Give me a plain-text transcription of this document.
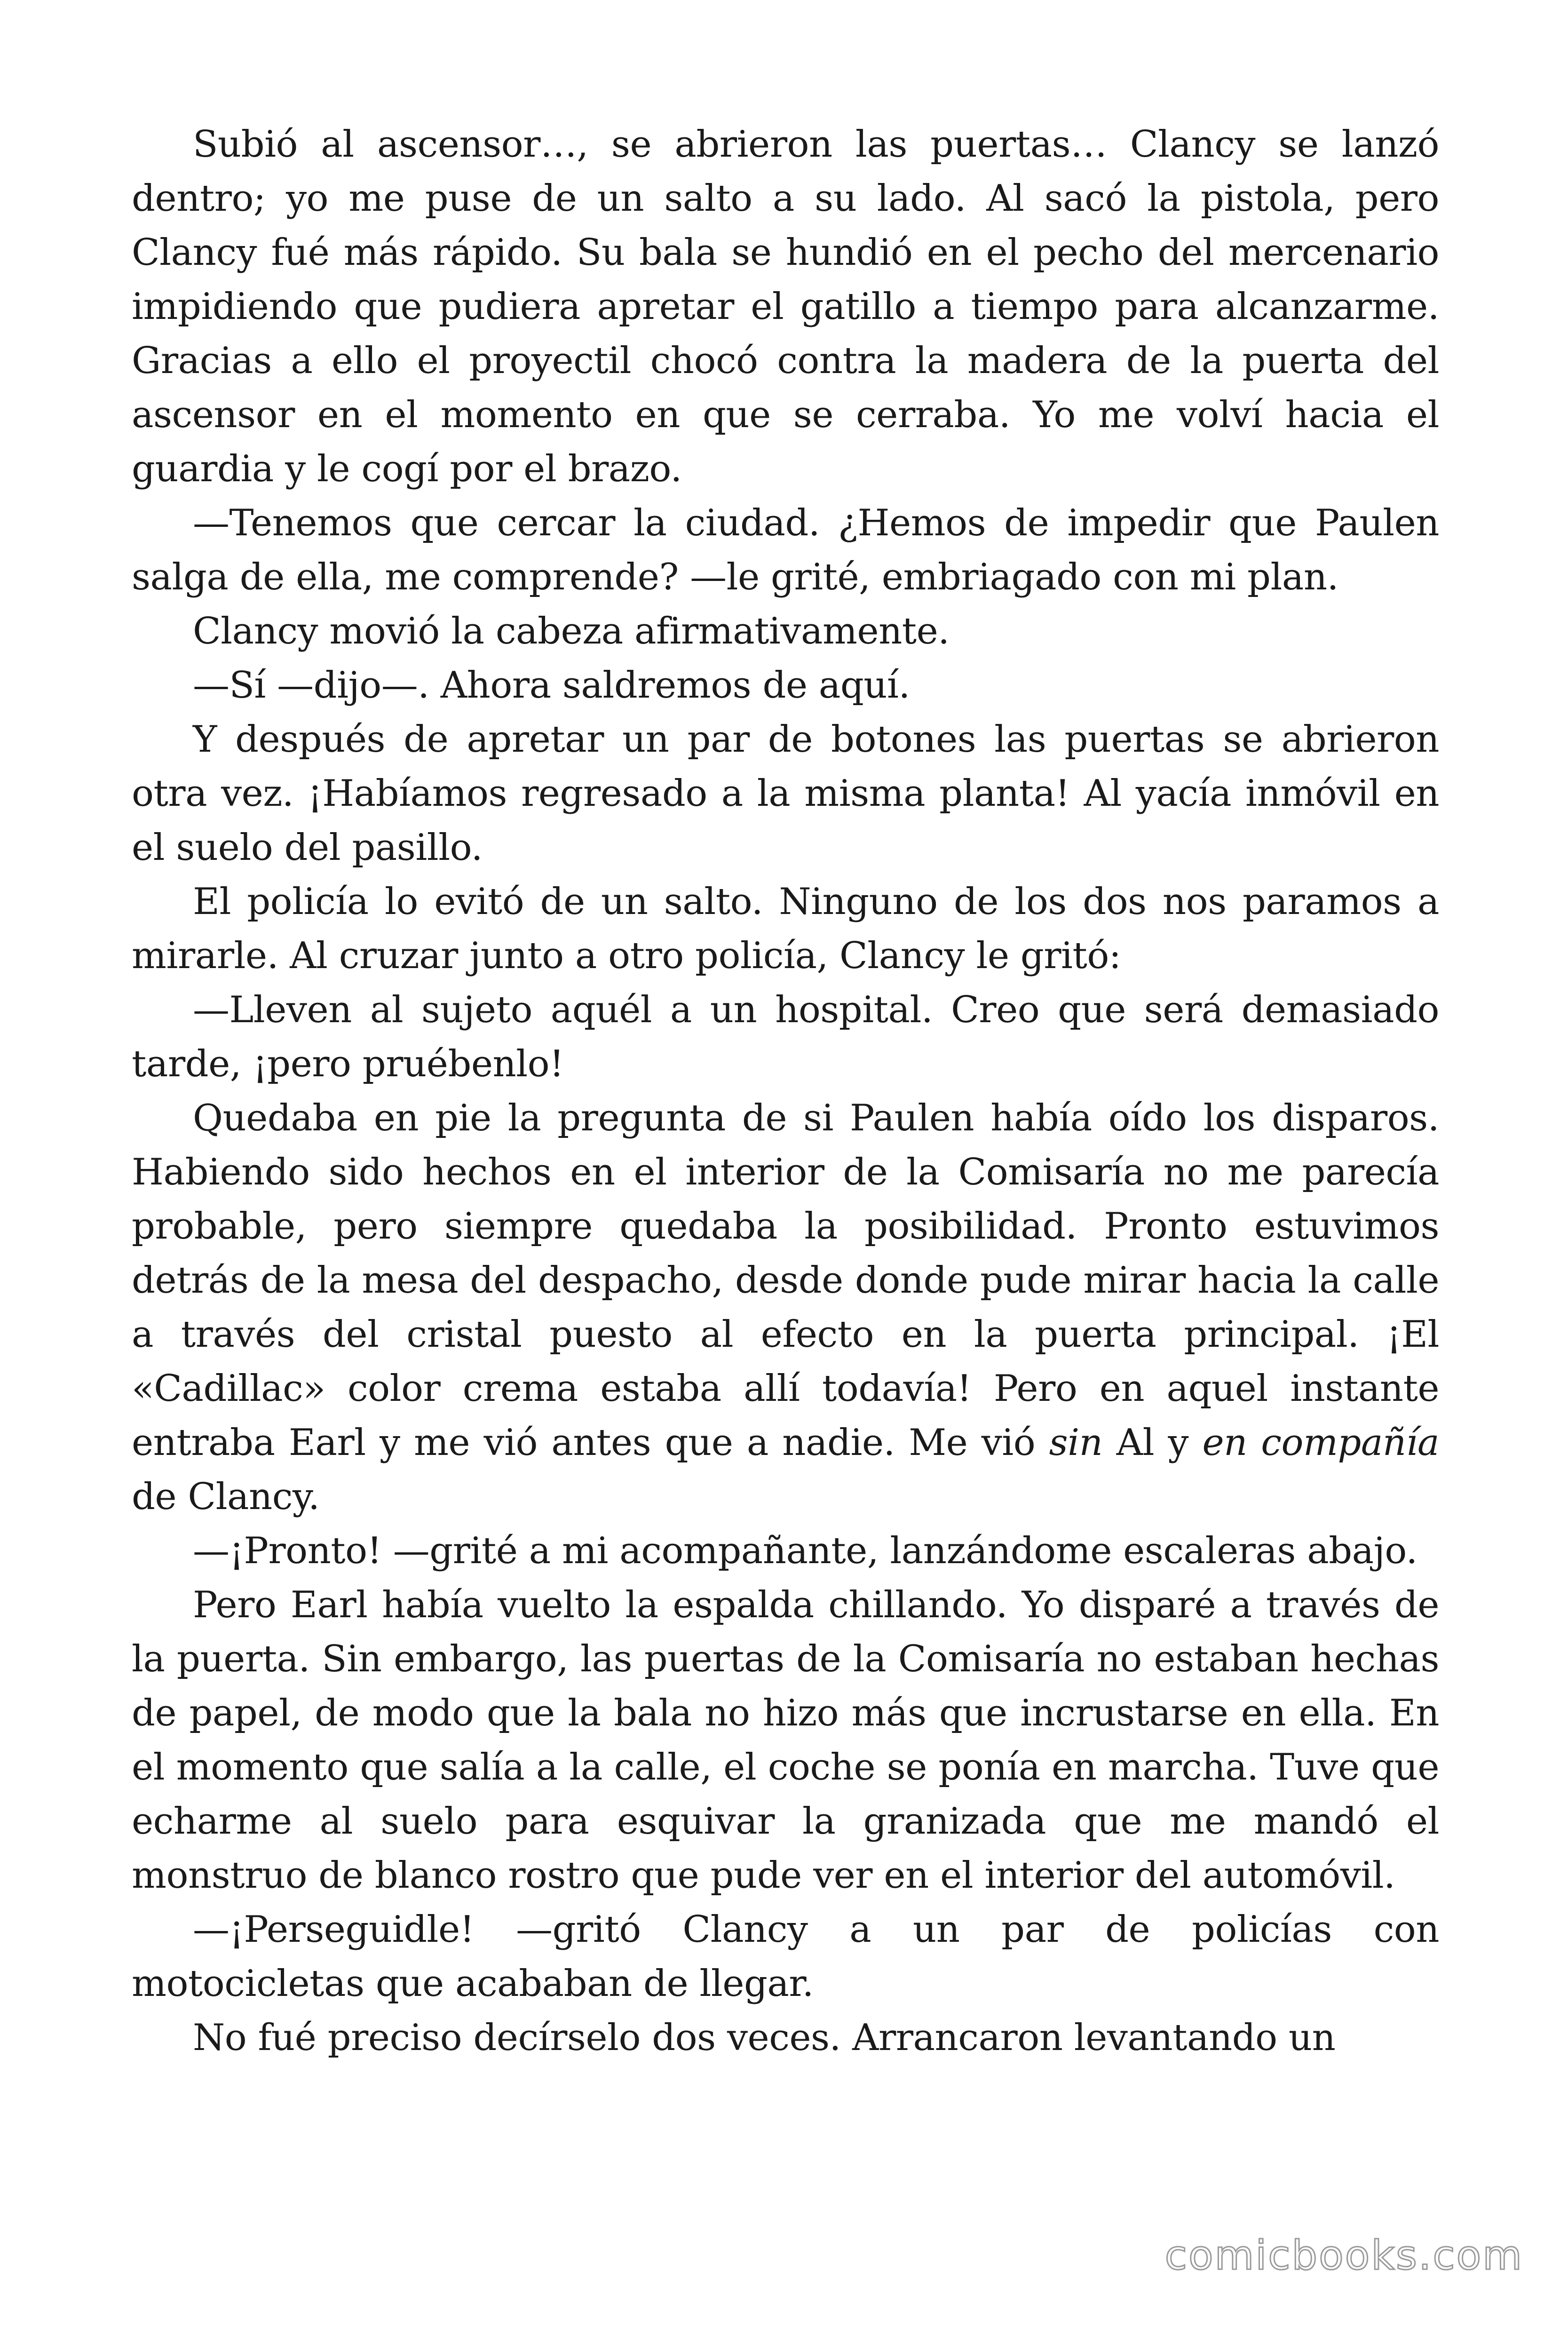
Subió al ascensor…, se abrieron las puertas… Clancy se lanzó dentro; yo me puse de un salto a su lado. Al sacó la pistola, pero Clancy fué más rápido. Su bala se hundió en el pecho del mercenario impidiendo que pudiera apretar el gatillo a tiempo para alcanzarme. Gracias a ello el proyectil chocó contra la madera de la puerta del ascensor en el momento en que se cerraba. Yo me volví hacia el guardia y le cogí por el brazo.

—Tenemos que cercar la ciudad. ¿Hemos de impedir que Paulen salga de ella, me comprende? —le grité, embriagado con mi plan.

Clancy movió la cabeza afirmativamente.

—Sí —dijo—. Ahora saldremos de aquí.

Y después de apretar un par de botones las puertas se abrieron otra vez. ¡Habíamos regresado a la misma planta! Al yacía inmóvil en el suelo del pasillo.

El policía lo evitó de un salto. Ninguno de los dos nos paramos a mirarle. Al cruzar junto a otro policía, Clancy le gritó:

—Lleven al sujeto aquél a un hospital. Creo que será demasiado tarde, ¡pero pruébenlo!

Quedaba en pie la pregunta de si Paulen había oído los disparos. Habiendo sido hechos en el interior de la Comisaría no me parecía probable, pero siempre quedaba la posibilidad. Pronto estuvimos detrás de la mesa del despacho, desde donde pude mirar hacia la calle a través del cristal puesto al efecto en la puerta principal. ¡El «Cadillac» color crema estaba allí todavía! Pero en aquel instante entraba Earl y me vió antes que a nadie. Me vió sin Al y en compañía de Clancy.

—¡Pronto! —grité a mi acompañante, lanzándome escaleras abajo.

Pero Earl había vuelto la espalda chillando. Yo disparé a través de la puerta. Sin embargo, las puertas de la Comisaría no estaban hechas de papel, de modo que la bala no hizo más que incrustarse en ella. En el momento que salía a la calle, el coche se ponía en marcha. Tuve que echarme al suelo para esquivar la granizada que me mandó el monstruo de blanco rostro que pude ver en el interior del automóvil.

—¡Perseguidle! —gritó Clancy a un par de policías con motocicletas que acababan de llegar.

No fué preciso decírselo dos veces. Arrancaron levantando un

comicbooks.com
